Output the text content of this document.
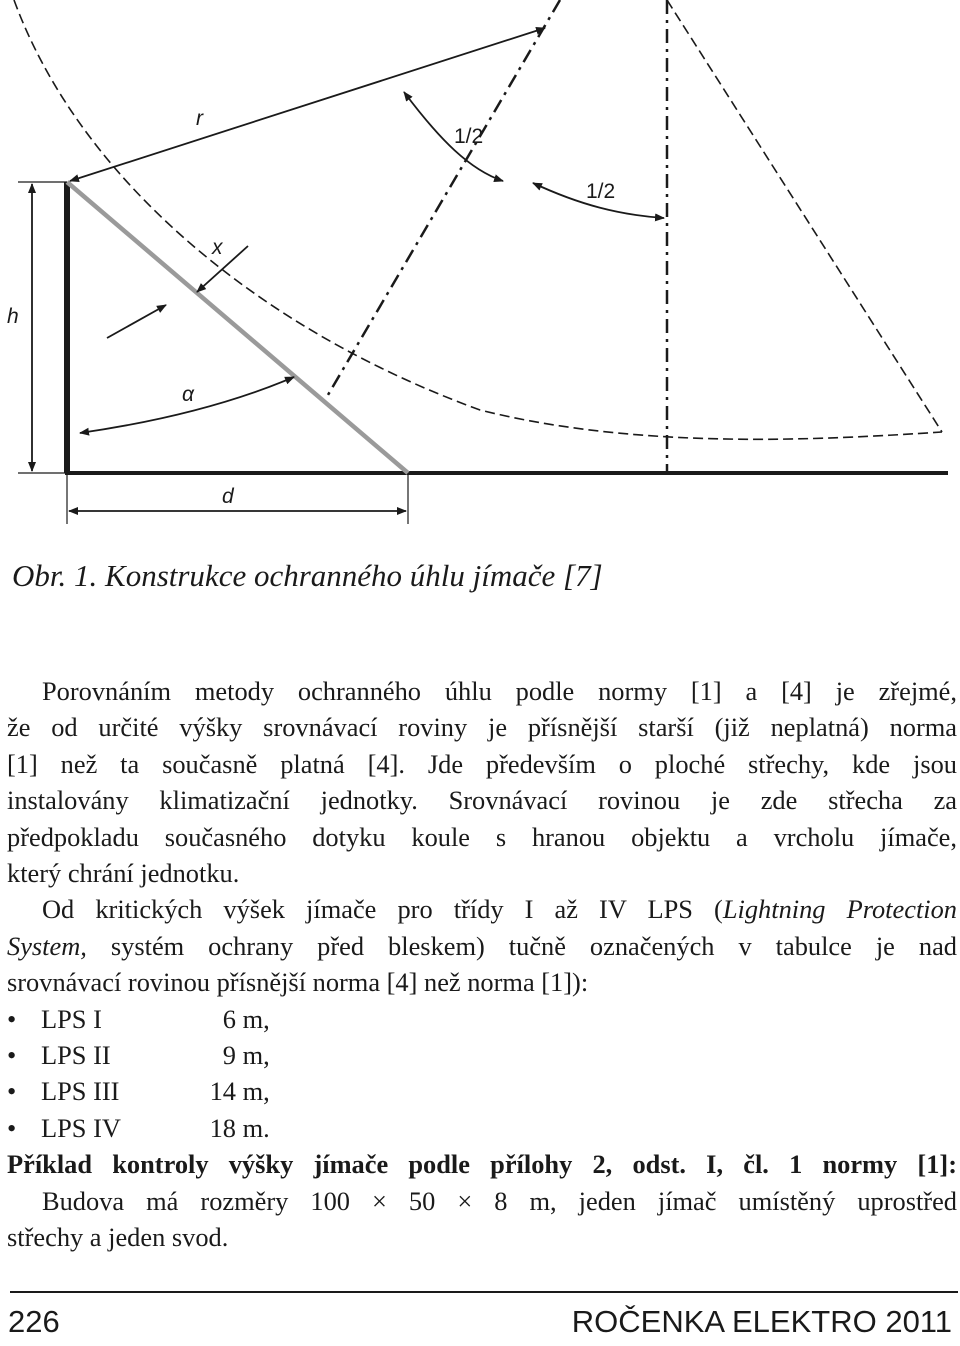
r
1/2
1/2
x
h
α
d
Obr. 1. Konstrukce ochranného úhlu jímače [7]
Porovnáním metody ochranného úhlu podle normy [1] a [4] je zřejmé,
že od určité výšky srovnávací roviny je přísnější starší (již neplatná) norma
[1] než ta současně platná [4]. Jde především o ploché střechy, kde jsou
instalovány klimatizační jednotky. Srovnávací rovinou je zde střecha za
předpokladu současného dotyku koule s hranou objektu a vrcholu jímače,
který chrání jednotku.
Od kritických výšek jímače pro třídy I až IV LPS (Lightning Protection
System, systém ochrany před bleskem) tučně označených v tabulce je nad
srovnávací rovinou přísnější norma [4] než norma [1]):
• LPS I	6
m,
• LPS II	9
m,
• LPS III	14
m,
• LPS IV	18
m.
Příklad kontroly výšky jímače podle přílohy 2, odst. I, čl. 1 normy [1]:
Budova má rozměry 100 × 50 × 8 m, jeden jímač umístěný uprostřed
střechy a jeden svod.
226	ROČENKA ELEKTRO 2011
